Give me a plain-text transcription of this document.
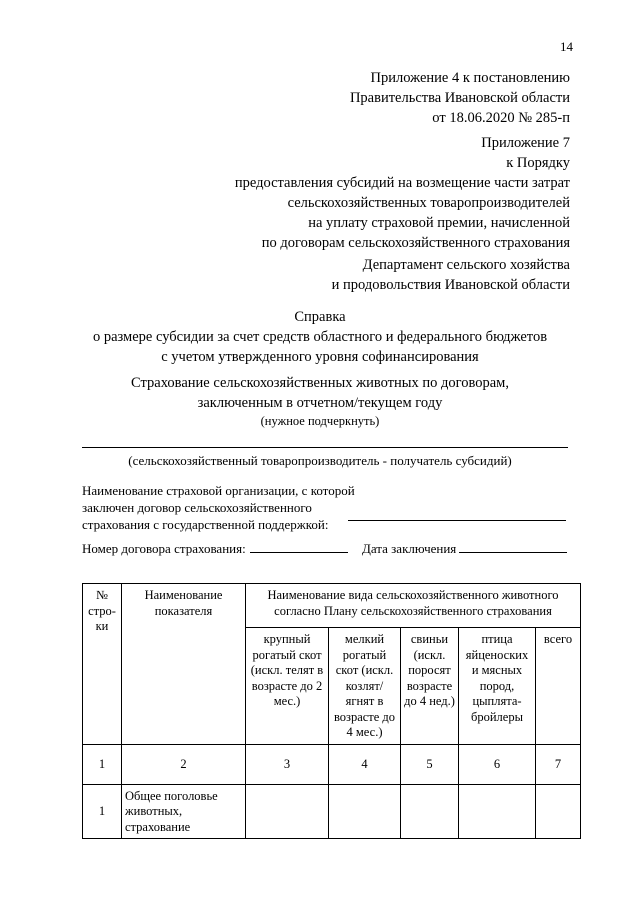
14
Приложение 4 к постановлению
Правительства Ивановской области
от 18.06.2020 № 285-п
Приложение 7
к Порядку
предоставления субсидий на возмещение части затрат
сельскохозяйственных товаропроизводителей
на уплату страховой премии, начисленной
по договорам сельскохозяйственного страхования
Департамент сельского хозяйства
и продовольствия Ивановской области
Справка
о размере субсидии за счет средств областного и федерального бюджетов
с учетом утвержденного уровня софинансирования
Страхование сельскохозяйственных животных по договорам,
заключенным в отчетном/текущем году
(нужное подчеркнуть)
(сельскохозяйственный товаропроизводитель - получатель субсидий)
Наименование страховой организации, с которой
заключен договор сельскохозяйственного
страхования с государственной поддержкой:
Номер договора страхования:	Дата заключения
№ стро-ки	Наименование показателя	Наименование вида сельскохозяйственного животного согласно Плану сельскохозяйственного страхования				
		крупный рогатый скот (искл. телят в возрасте до 2 мес.)	мелкий рогатый скот (искл. козлят/ ягнят в возрасте до 4 мес.)	свиньи (искл. поросят возрасте до 4 нед.)	птица яйценоских и мясных пород, цыплята-бройлеры	всего
1	2	3	4	5	6	7
1	Общее поголовье животных, страхование					
